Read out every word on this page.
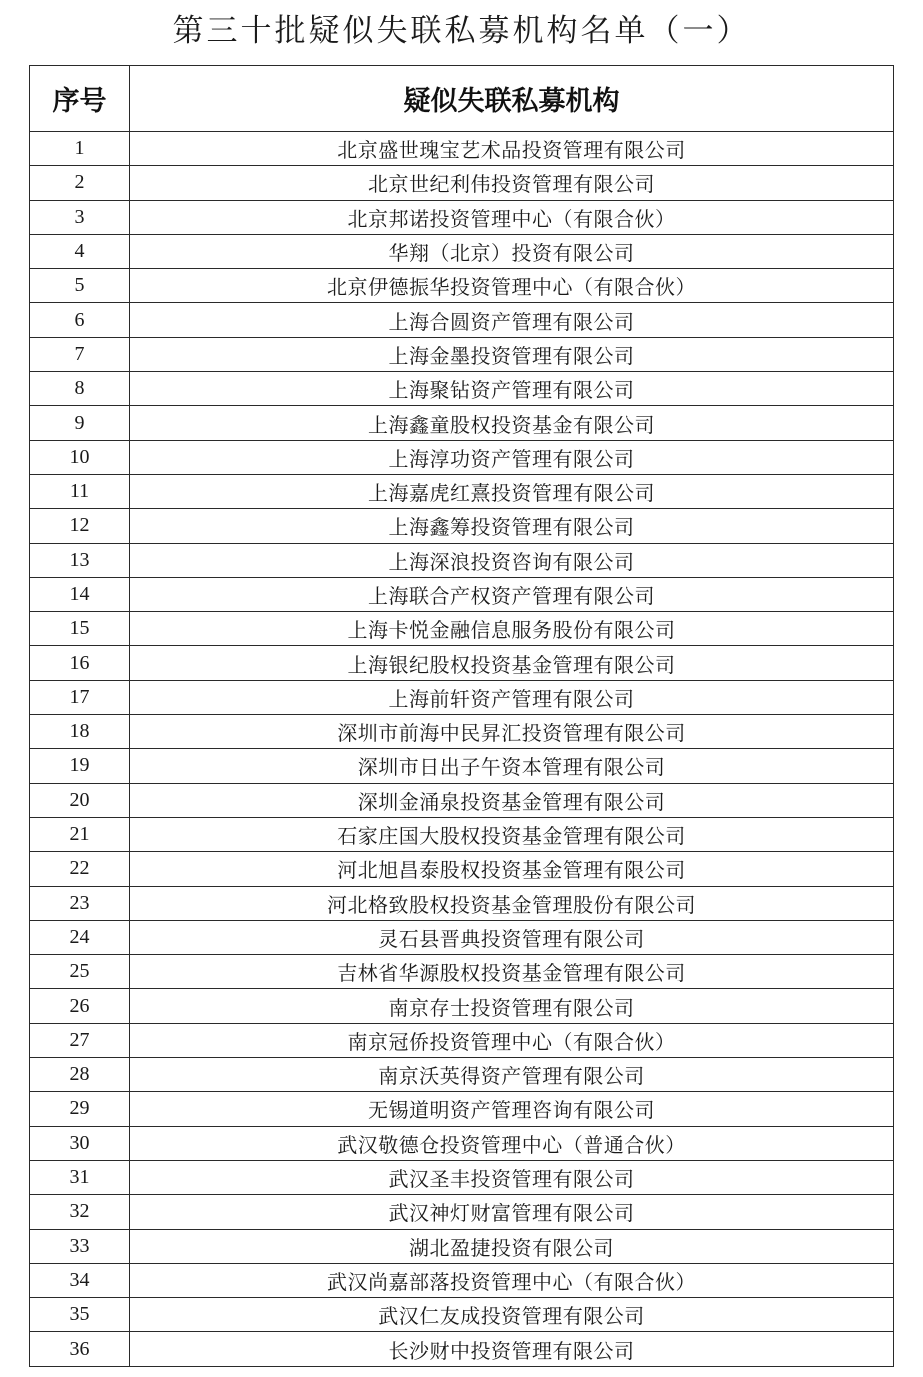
第三十批疑似失联私募机构名单（一）
序号	疑似失联私募机构
1	北京盛世瑰宝艺术品投资管理有限公司
2	北京世纪利伟投资管理有限公司
3	北京邦诺投资管理中心（有限合伙）
4	华翔（北京）投资有限公司
5	北京伊德振华投资管理中心（有限合伙）
6	上海合圆资产管理有限公司
7	上海金墨投资管理有限公司
8	上海聚钻资产管理有限公司
9	上海鑫童股权投资基金有限公司
10	上海淳功资产管理有限公司
11	上海嘉虎红熹投资管理有限公司
12	上海鑫筹投资管理有限公司
13	上海深浪投资咨询有限公司
14	上海联合产权资产管理有限公司
15	上海卡悦金融信息服务股份有限公司
16	上海银纪股权投资基金管理有限公司
17	上海前轩资产管理有限公司
18	深圳市前海中民昇汇投资管理有限公司
19	深圳市日出子午资本管理有限公司
20	深圳金涌泉投资基金管理有限公司
21	石家庄国大股权投资基金管理有限公司
22	河北旭昌泰股权投资基金管理有限公司
23	河北格致股权投资基金管理股份有限公司
24	灵石县晋典投资管理有限公司
25	吉林省华源股权投资基金管理有限公司
26	南京存士投资管理有限公司
27	南京冠侨投资管理中心（有限合伙）
28	南京沃英得资产管理有限公司
29	无锡道明资产管理咨询有限公司
30	武汉敬德仓投资管理中心（普通合伙）
31	武汉圣丰投资管理有限公司
32	武汉神灯财富管理有限公司
33	湖北盈捷投资有限公司
34	武汉尚嘉部落投资管理中心（有限合伙）
35	武汉仁友成投资管理有限公司
36	长沙财中投资管理有限公司
